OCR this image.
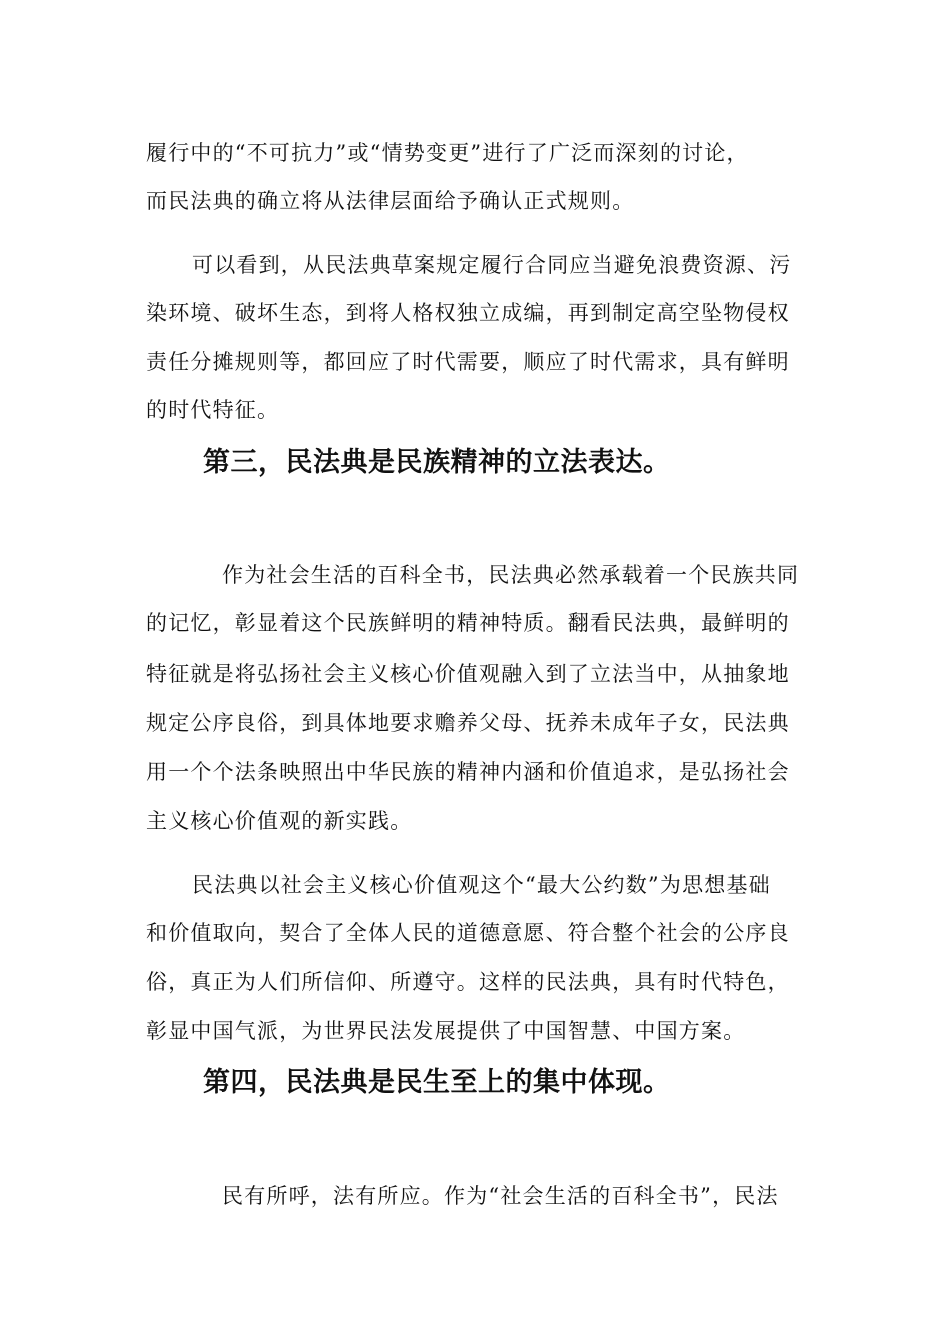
履行中的“不可抗力”或“情势变更”进行了广泛而深刻的讨论，
而民法典的确立将从法律层面给予确认正式规则。
可以看到，从民法典草案规定履行合同应当避免浪费资源、污
染环境、破坏生态，到将人格权独立成编，再到制定高空坠物侵权
责任分摊规则等，都回应了时代需要，顺应了时代需求，具有鲜明
的时代特征。
第三，民法典是民族精神的立法表达。
作为社会生活的百科全书，民法典必然承载着一个民族共同
的记忆，彰显着这个民族鲜明的精神特质。翻看民法典，最鲜明的
特征就是将弘扬社会主义核心价值观融入到了立法当中，从抽象地
规定公序良俗，到具体地要求赡养父母、抚养未成年子女，民法典
用一个个法条映照出中华民族的精神内涵和价值追求，是弘扬社会
主义核心价值观的新实践。
民法典以社会主义核心价值观这个“最大公约数”为思想基础
和价值取向，契合了全体人民的道德意愿、符合整个社会的公序良
俗，真正为人们所信仰、所遵守。这样的民法典，具有时代特色，
彰显中国气派，为世界民法发展提供了中国智慧、中国方案。
第四，民法典是民生至上的集中体现。
民有所呼，法有所应。作为“社会生活的百科全书”，民法
